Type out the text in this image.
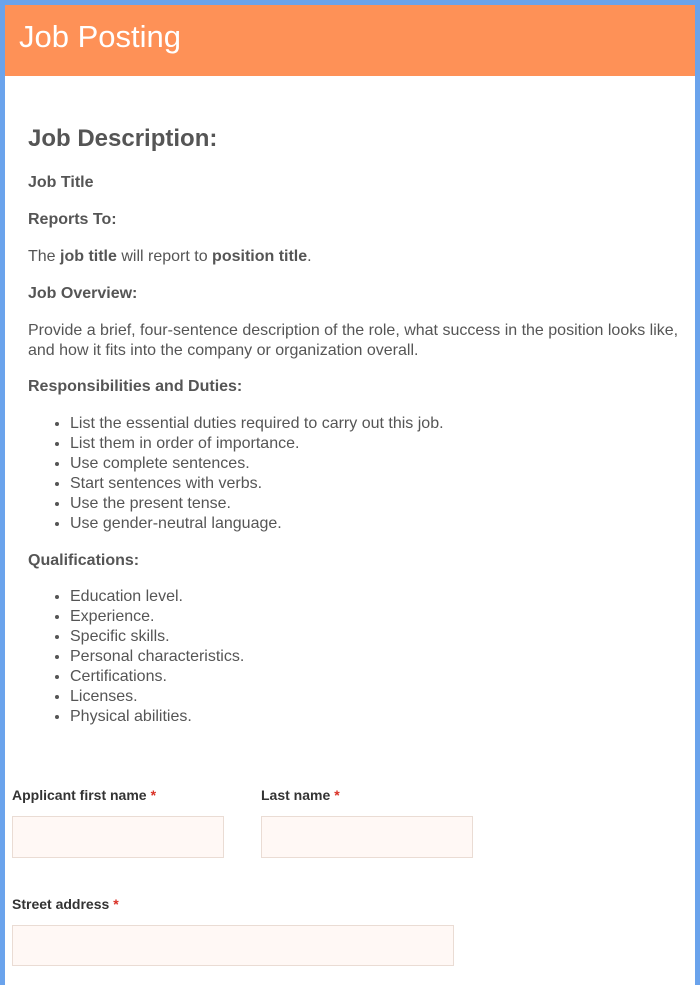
Job Posting
Job Description:
Job Title
Reports To:

The job title will report to position title.

Job Overview:

Provide a brief, four-sentence description of the role, what success in the position looks like, and how it fits into the company or organization overall.

Responsibilities and Duties:
• List the essential duties required to carry out this job.
• List them in order of importance.
• Use complete sentences.
• Start sentences with verbs.
• Use the present tense.
• Use gender-neutral language.
Qualifications:
• Education level.
• Experience.
• Specific skills.
• Personal characteristics.
• Certifications.
• Licenses.
• Physical abilities.
Applicant first name *	Last name *
Street address *
